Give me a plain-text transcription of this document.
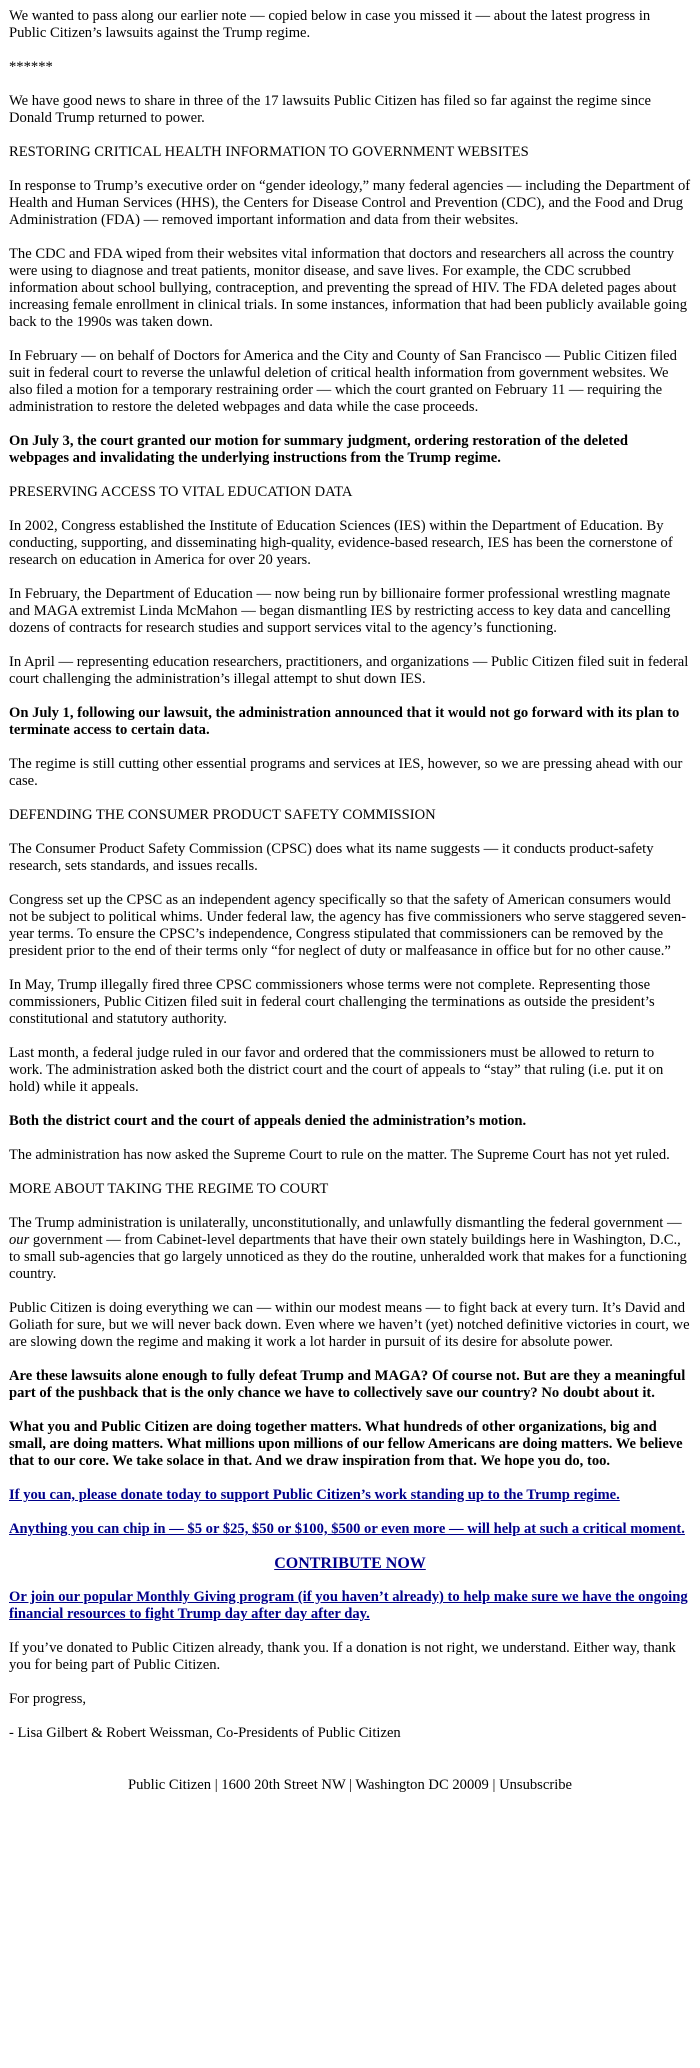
We wanted to pass along our earlier note — copied below in case you missed it — about the latest progress in Public Citizen’s lawsuits against the Trump regime.

******

We have good news to share in three of the 17 lawsuits Public Citizen has filed so far against the regime since Donald Trump returned to power.

RESTORING CRITICAL HEALTH INFORMATION TO GOVERNMENT WEBSITES

In response to Trump’s executive order on “gender ideology,” many federal agencies — including the Department of Health and Human Services (HHS), the Centers for Disease Control and Prevention (CDC), and the Food and Drug Administration (FDA) — removed important information and data from their websites.

The CDC and FDA wiped from their websites vital information that doctors and researchers all across the country were using to diagnose and treat patients, monitor disease, and save lives. For example, the CDC scrubbed information about school bullying, contraception, and preventing the spread of HIV. The FDA deleted pages about increasing female enrollment in clinical trials. In some instances, information that had been publicly available going back to the 1990s was taken down.

In February — on behalf of Doctors for America and the City and County of San Francisco — Public Citizen filed suit in federal court to reverse the unlawful deletion of critical health information from government websites. We also filed a motion for a temporary restraining order — which the court granted on February 11 — requiring the administration to restore the deleted webpages and data while the case proceeds.

On July 3, the court granted our motion for summary judgment, ordering restoration of the deleted webpages and invalidating the underlying instructions from the Trump regime.

PRESERVING ACCESS TO VITAL EDUCATION DATA

In 2002, Congress established the Institute of Education Sciences (IES) within the Department of Education. By conducting, supporting, and disseminating high-quality, evidence-based research, IES has been the cornerstone of research on education in America for over 20 years.

In February, the Department of Education — now being run by billionaire former professional wrestling magnate and MAGA extremist Linda McMahon — began dismantling IES by restricting access to key data and cancelling dozens of contracts for research studies and support services vital to the agency’s functioning.

In April — representing education researchers, practitioners, and organizations — Public Citizen filed suit in federal court challenging the administration’s illegal attempt to shut down IES.

On July 1, following our lawsuit, the administration announced that it would not go forward with its plan to terminate access to certain data.

The regime is still cutting other essential programs and services at IES, however, so we are pressing ahead with our case.

DEFENDING THE CONSUMER PRODUCT SAFETY COMMISSION

The Consumer Product Safety Commission (CPSC) does what its name suggests — it conducts product-safety research, sets standards, and issues recalls.

Congress set up the CPSC as an independent agency specifically so that the safety of American consumers would not be subject to political whims. Under federal law, the agency has five commissioners who serve staggered seven-year terms. To ensure the CPSC’s independence, Congress stipulated that commissioners can be removed by the president prior to the end of their terms only “for neglect of duty or malfeasance in office but for no other cause.”

In May, Trump illegally fired three CPSC commissioners whose terms were not complete. Representing those commissioners, Public Citizen filed suit in federal court challenging the terminations as outside the president’s constitutional and statutory authority.

Last month, a federal judge ruled in our favor and ordered that the commissioners must be allowed to return to work. The administration asked both the district court and the court of appeals to “stay” that ruling (i.e. put it on hold) while it appeals.

Both the district court and the court of appeals denied the administration’s motion.

The administration has now asked the Supreme Court to rule on the matter. The Supreme Court has not yet ruled.

MORE ABOUT TAKING THE REGIME TO COURT

The Trump administration is unilaterally, unconstitutionally, and unlawfully dismantling the federal government — our government — from Cabinet-level departments that have their own stately buildings here in Washington, D.C., to small sub-agencies that go largely unnoticed as they do the routine, unheralded work that makes for a functioning country.

Public Citizen is doing everything we can — within our modest means — to fight back at every turn. It’s David and Goliath for sure, but we will never back down. Even where we haven’t (yet) notched definitive victories in court, we are slowing down the regime and making it work a lot harder in pursuit of its desire for absolute power.

Are these lawsuits alone enough to fully defeat Trump and MAGA? Of course not. But are they a meaningful part of the pushback that is the only chance we have to collectively save our country? No doubt about it.

What you and Public Citizen are doing together matters. What hundreds of other organizations, big and small, are doing matters. What millions upon millions of our fellow Americans are doing matters. We believe that to our core. We take solace in that. And we draw inspiration from that. We hope you do, too.

If you can, please donate today to support Public Citizen’s work standing up to the Trump regime.

Anything you can chip in — $5 or $25, $50 or $100, $500 or even more — will help at such a critical moment.

CONTRIBUTE NOW

Or join our popular Monthly Giving program (if you haven’t already) to help make sure we have the ongoing financial resources to fight Trump day after day after day.

If you’ve donated to Public Citizen already, thank you. If a donation is not right, we understand. Either way, thank you for being part of Public Citizen.

For progress,

- Lisa Gilbert & Robert Weissman, Co-Presidents of Public Citizen

Public Citizen | 1600 20th Street NW | Washington DC 20009 | Unsubscribe
